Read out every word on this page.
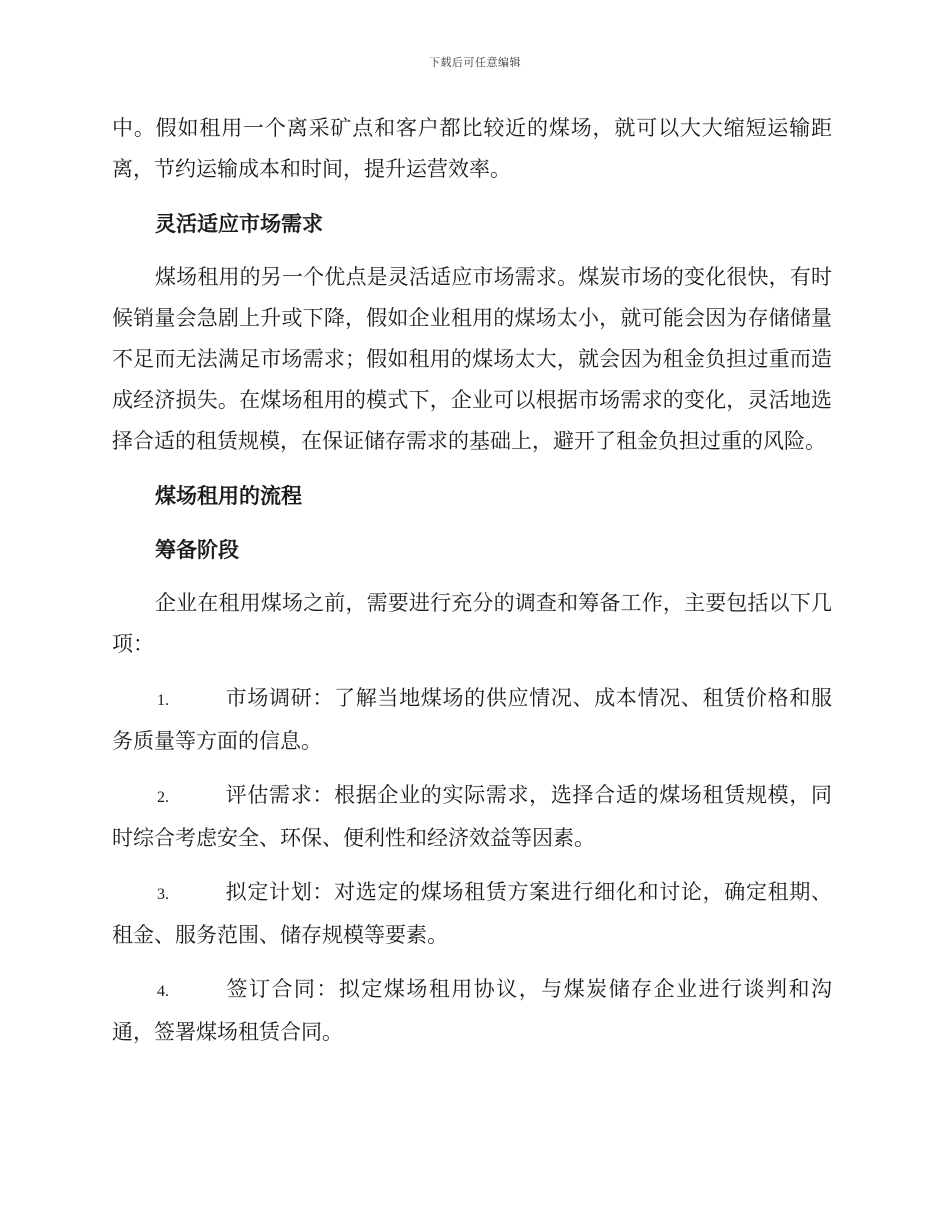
下载后可任意编辑

中。假如租用一个离采矿点和客户都比较近的煤场，就可以大大缩短运输距离，节约运输成本和时间，提升运营效率。

灵活适应市场需求

煤场租用的另一个优点是灵活适应市场需求。煤炭市场的变化很快，有时候销量会急剧上升或下降，假如企业租用的煤场太小，就可能会因为存储储量不足而无法满足市场需求；假如租用的煤场太大，就会因为租金负担过重而造成经济损失。在煤场租用的模式下，企业可以根据市场需求的变化，灵活地选择合适的租赁规模，在保证储存需求的基础上，避开了租金负担过重的风险。

煤场租用的流程
筹备阶段

企业在租用煤场之前，需要进行充分的调查和筹备工作，主要包括以下几项：

1.	市场调研：了解当地煤场的供应情况、成本情况、租赁价格和服务质量等方面的信息。
2.	评估需求：根据企业的实际需求，选择合适的煤场租赁规模，同时综合考虑安全、环保、便利性和经济效益等因素。
3.	拟定计划：对选定的煤场租赁方案进行细化和讨论，确定租期、租金、服务范围、储存规模等要素。
4.	签订合同：拟定煤场租用协议，与煤炭储存企业进行谈判和沟通，签署煤场租赁合同。
